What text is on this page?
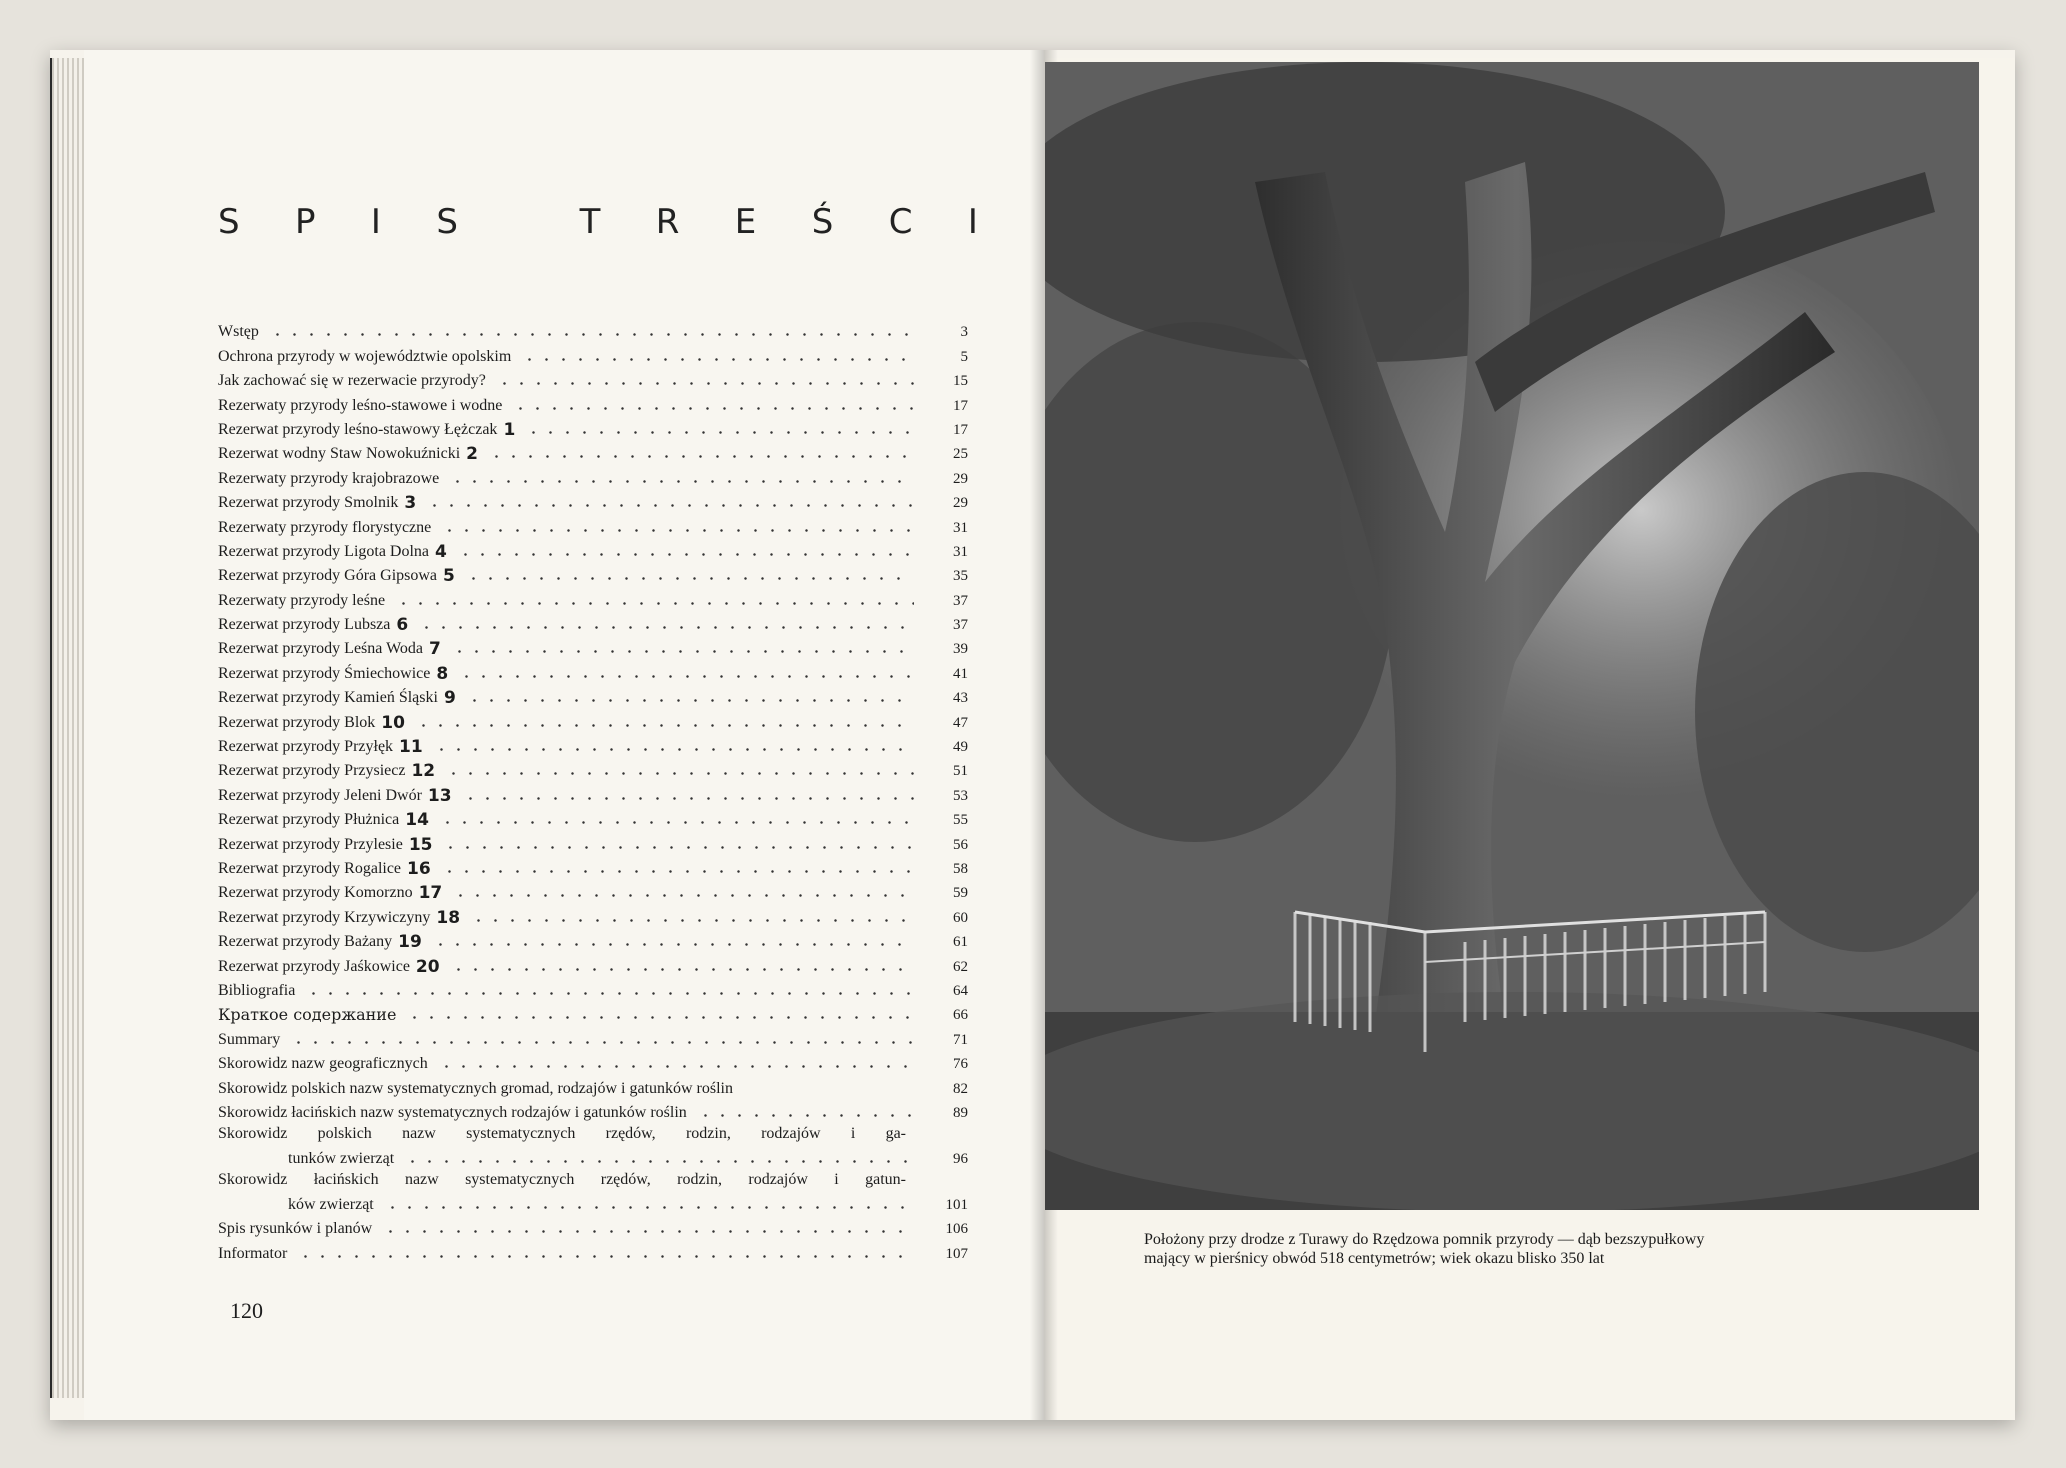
S P I S
	T R E Ś C I
Wstęp	3
Ochrona przyrody w województwie opolskim	5
Jak zachować się w rezerwacie przyrody?	15
Rezerwaty przyrody leśno-stawowe i wodne	17
Rezerwat przyrody leśno-stawowy Łężczak 1	17
Rezerwat wodny Staw Nowokuźnicki 2	25
Rezerwaty przyrody krajobrazowe	29
Rezerwat przyrody Smolnik 3	29
Rezerwaty przyrody florystyczne	31
Rezerwat przyrody Ligota Dolna 4	31
Rezerwat przyrody Góra Gipsowa 5	35
Rezerwaty przyrody leśne	37
Rezerwat przyrody Lubsza 6	37
Rezerwat przyrody Leśna Woda 7	39
Rezerwat przyrody Śmiechowice 8	41
Rezerwat przyrody Kamień Śląski 9	43
Rezerwat przyrody Blok 10	47
Rezerwat przyrody Przyłęk 11	49
Rezerwat przyrody Przysiecz 12	51
Rezerwat przyrody Jeleni Dwór 13	53
Rezerwat przyrody Płużnica 14	55
Rezerwat przyrody Przylesie 15	56
Rezerwat przyrody Rogalice 16	58
Rezerwat przyrody Komorzno 17	59
Rezerwat przyrody Krzywiczyny 18	60
Rezerwat przyrody Bażany 19	61
Rezerwat przyrody Jaśkowice 20	62
Bibliografia	64
Краткое содержание	66
Summary	71
Skorowidz nazw geograficznych	76
Skorowidz polskich nazw systematycznych gromad, rodzajów i gatunków roślin	82
Skorowidz łacińskich nazw systematycznych rodzajów i gatunków roślin	89
Skorowidz polskich nazw systematycznych rzędów, rodzin, rodzajów i ga-
tunków zwierząt	96
Skorowidz łacińskich nazw systematycznych rzędów, rodzin, rodzajów i gatun-
ków zwierząt	101
Spis rysunków i planów	106
Informator	107
120
Położony przy drodze z Turawy do Rzędzowa pomnik przyrody — dąb bezszypułkowy
mający w pierśnicy obwód 518 centymetrów; wiek okazu blisko 350 lat
